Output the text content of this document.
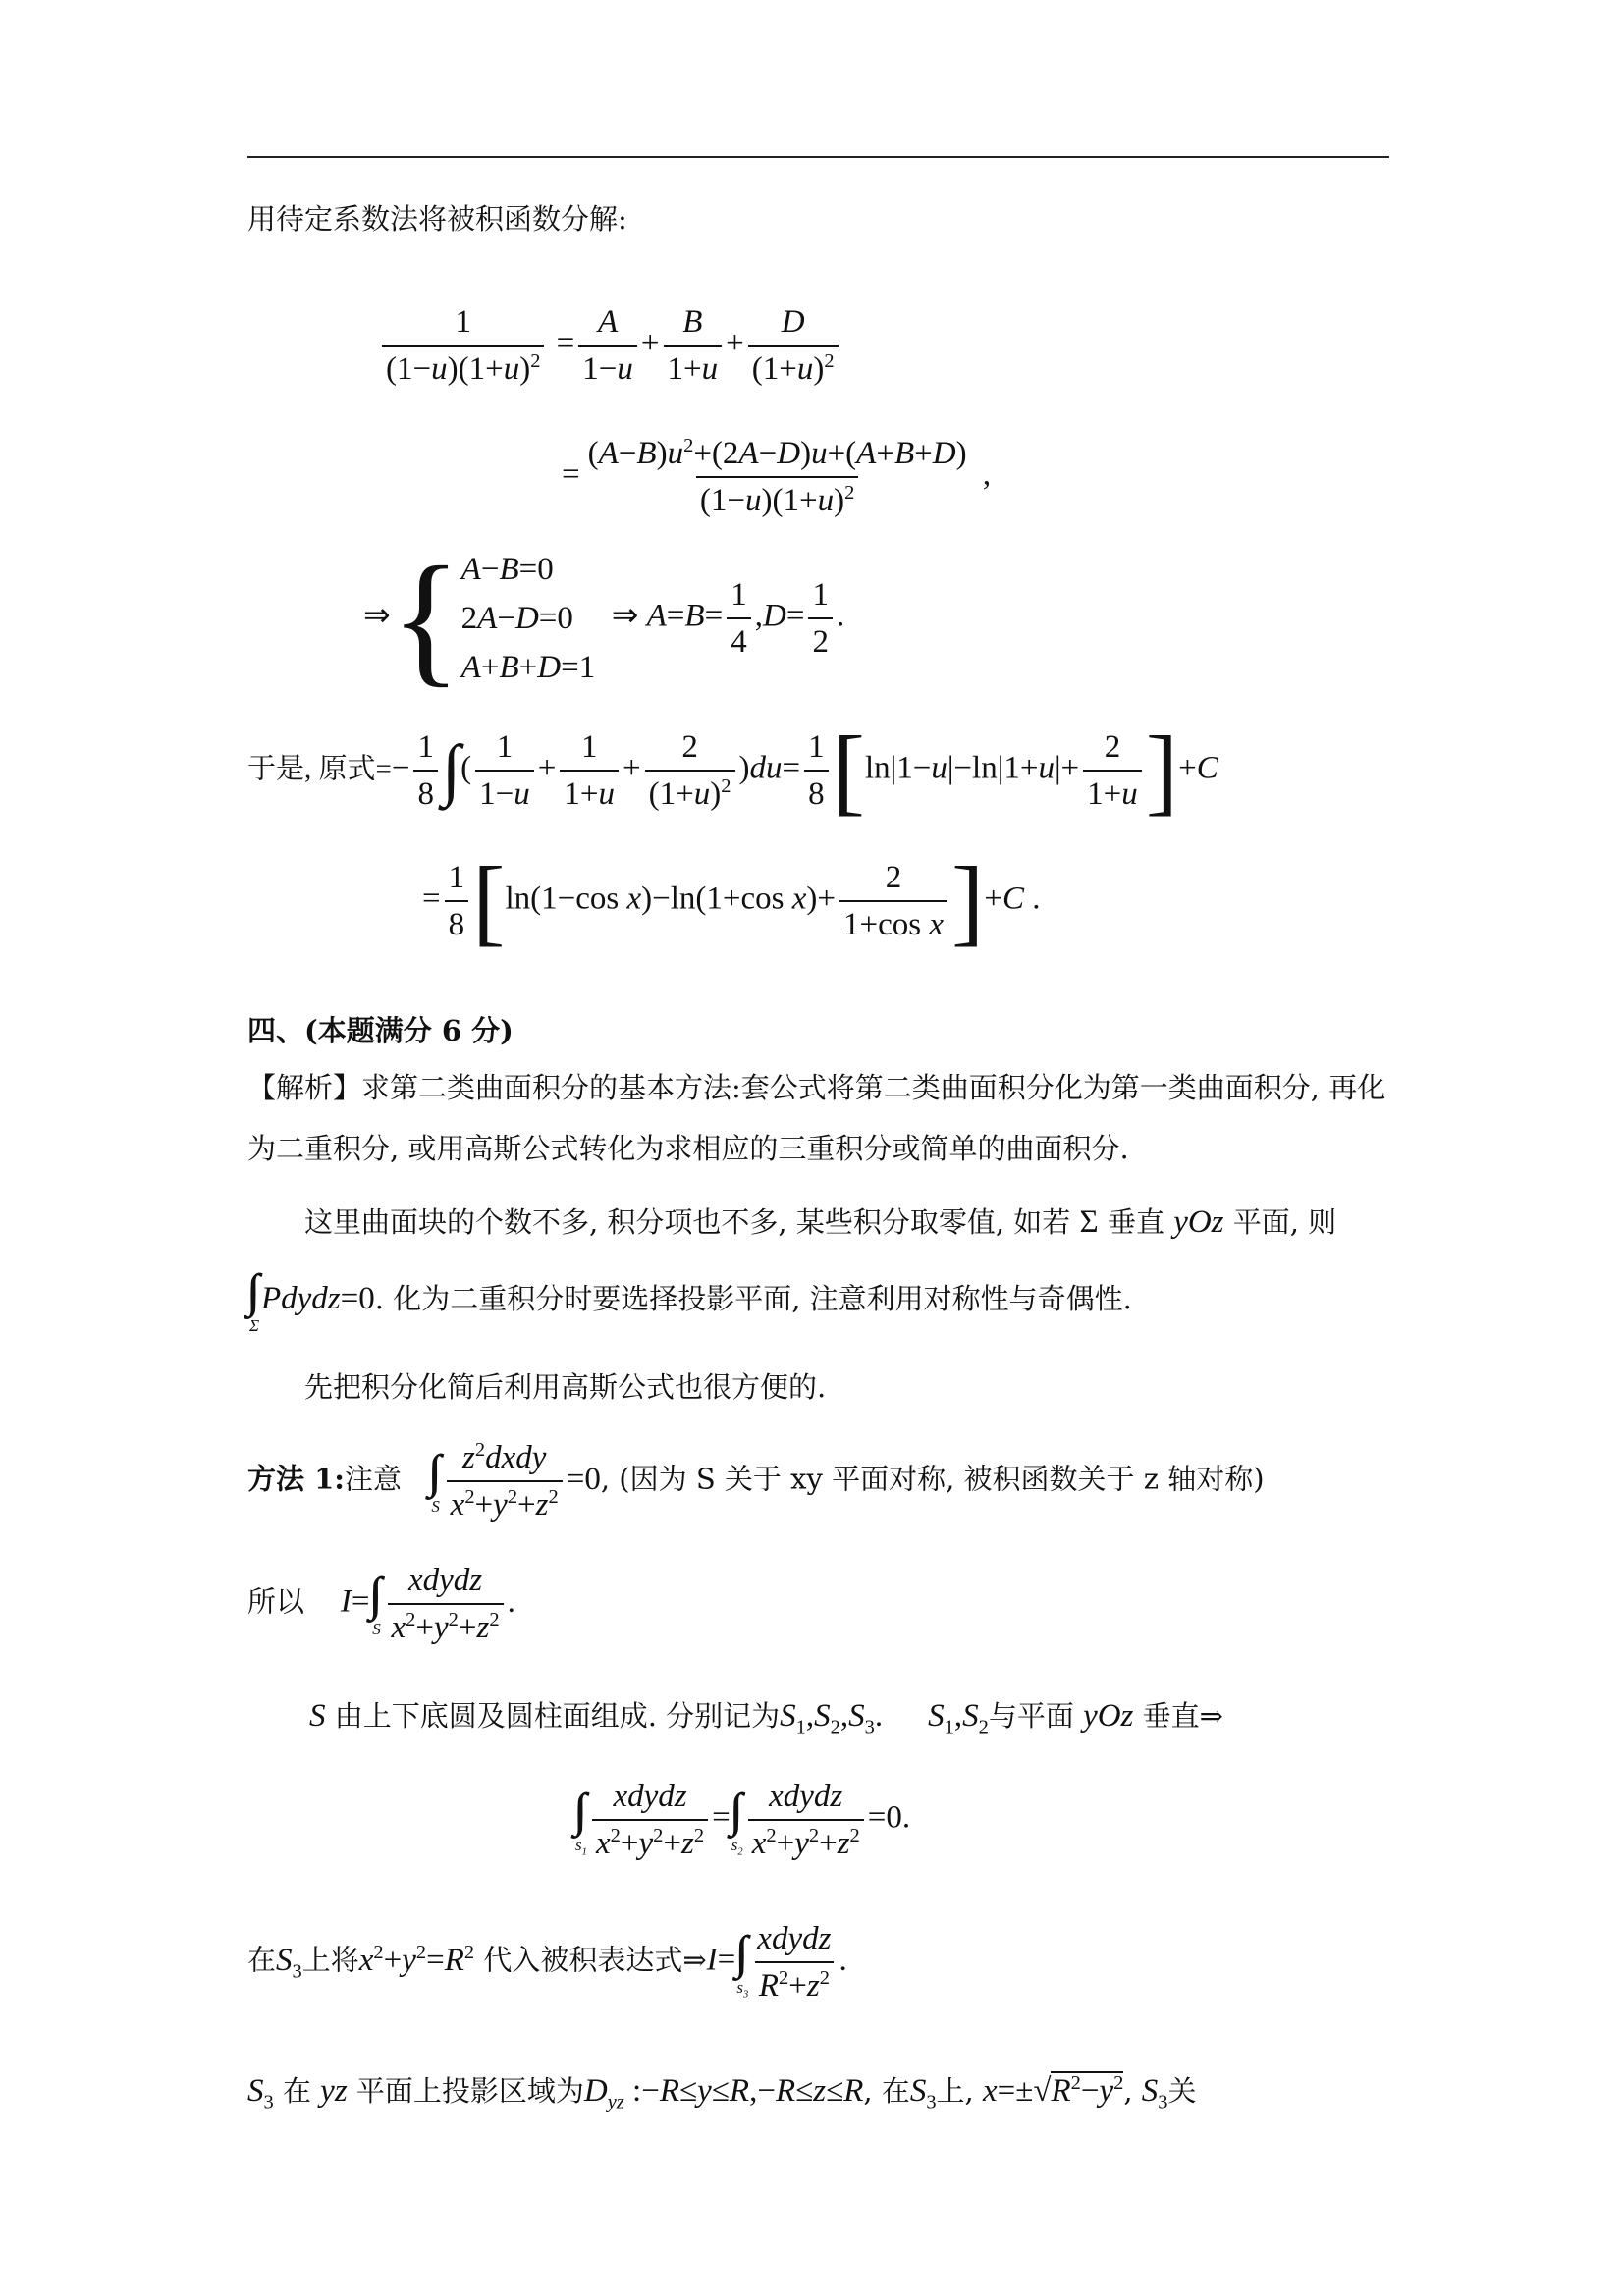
用待定系数法将被积函数分解:
$\frac{1}{(1-u)(1+u)^2} = \frac{A}{1-u} + \frac{B}{1+u} + \frac{D}{(1+u)^2}$
= $\frac{(A-B)u^2+(2A-D)u+(A+B+D)}{(1-u)(1+u)^2}$ ,
⇒{ A−B=0
2A−D=0
A+B+D=1
⇒ $A=B= \frac{1}{4} ,D= \frac{1}{2}$ .
于是, 原式=− $\frac{1}{8}$ ∫( $\frac{1}{1-u} + \frac{1}{1+u} + \frac{2}{(1+u)^2} )du= \frac{1}{8} [\ln|1-u|-\ln|1+u|+ \frac{2}{1+u} ]+C$
= $\frac{1}{8} [\ln(1-\cos$ x)−ln(1+cos $x)+ \frac{2}{\text{1+cos x}} ]+C$ .
四、(本题满分 6 分)
【解析】求第二类曲面积分的基本方法:套公式将第二类曲面积分化为第一类曲面积分, 再化
为二重积分, 或用高斯公式转化为求相应的三重积分或简单的曲面积分.
这里曲面块的个数不多, 积分项也不多, 某些积分取零值, 如若 Σ 垂直 yOz 平面, 则
Σ
Pdydz=0. 化为二重积分时要选择投影平面, 注意利用对称性与奇偶性.
先把积分化简后利用高斯公式也很方便的.
方法 1:注意
S $\frac{z^2dxdy}{x^2+y^2+z^2} =0$, (因为 S 关于 xy 平面对称, 被积函数关于 z 轴对称)
所以 I=
S $\frac{\text{xdydz}}{x^2+y^2+z^2}$ .
S 由上下底圆及圆柱面组成. 分别记为$S_1,S_2,S_3$. $S_1,S_2$与平面 yOz 垂直⇒
$s_1 \frac{\text{xdydz}}{x^2+y^2+z^2}$ =
$s_2 \frac{\text{xdydz}}{x^2+y^2+z^2} =0$.
在$S_3$上将$x^2+y^2=R^2$ 代入被积表达式⇒I=
$s_3 \frac{\text{xdydz}}{R^2+z^2}$ .
$S_3$ 在 yz 平面上投影区域为$D_{yz}$ :−R≤y≤R,−R≤z≤R, 在$S_3$上, $x=\pm√R^2-y^2$, $S_3$关
